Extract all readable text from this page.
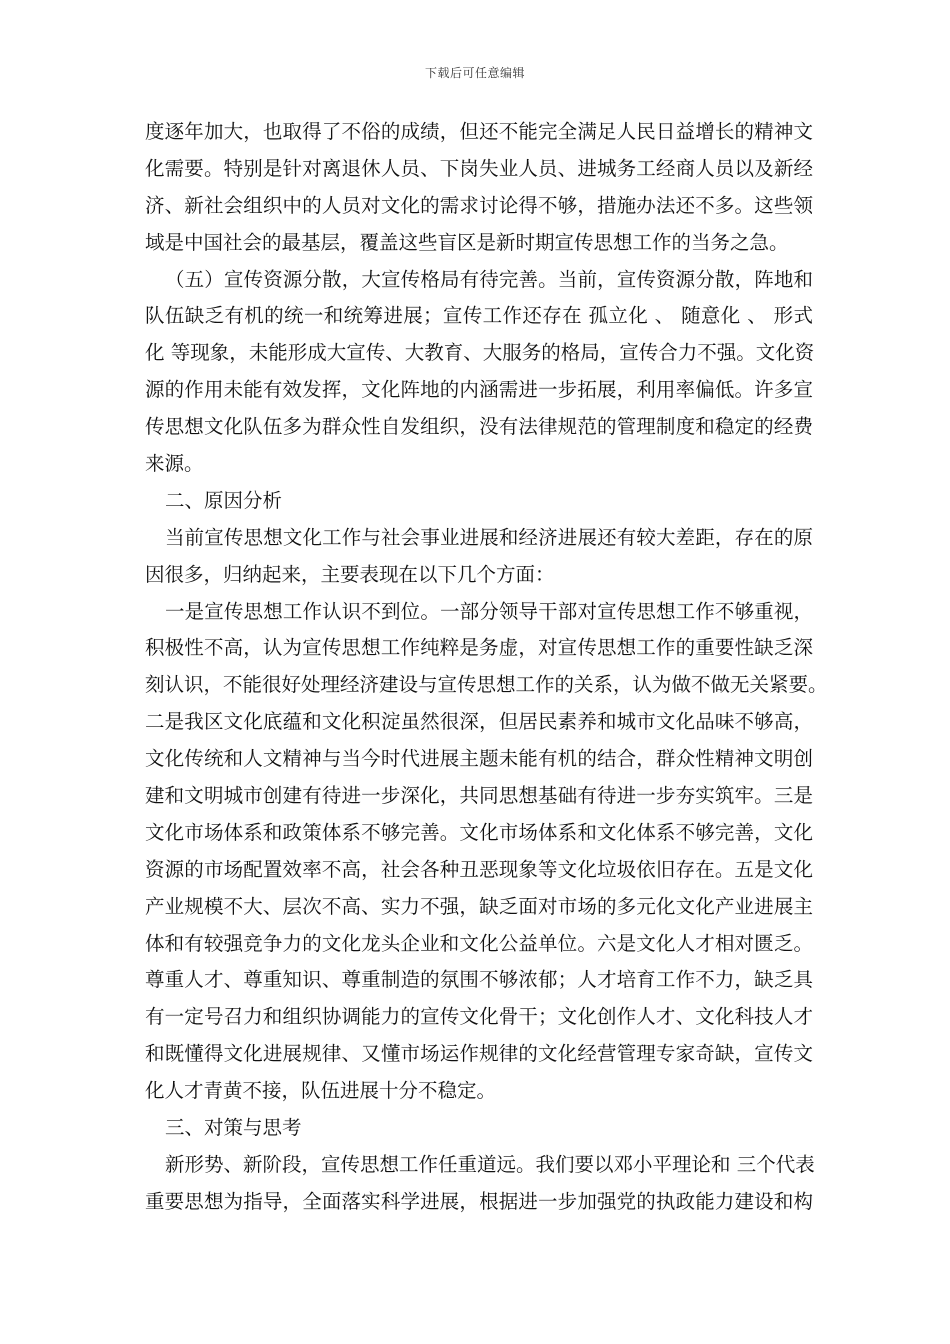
下载后可任意编辑
度逐年加大，也取得了不俗的成绩，但还不能完全满足人民日益增长的精神文
化需要。特别是针对离退休人员、下岗失业人员、进城务工经商人员以及新经
济、新社会组织中的人员对文化的需求讨论得不够，措施办法还不多。这些领
域是中国社会的最基层，覆盖这些盲区是新时期宣传思想工作的当务之急。
（五）宣传资源分散，大宣传格局有待完善。当前，宣传资源分散，阵地和
队伍缺乏有机的统一和统筹进展；宣传工作还存在 孤立化 、 随意化 、 形式
化 等现象，未能形成大宣传、大教育、大服务的格局，宣传合力不强。文化资
源的作用未能有效发挥，文化阵地的内涵需进一步拓展，利用率偏低。许多宣
传思想文化队伍多为群众性自发组织，没有法律规范的管理制度和稳定的经费
来源。
二、原因分析
当前宣传思想文化工作与社会事业进展和经济进展还有较大差距，存在的原
因很多，归纳起来，主要表现在以下几个方面：
一是宣传思想工作认识不到位。一部分领导干部对宣传思想工作不够重视，
积极性不高，认为宣传思想工作纯粹是务虚，对宣传思想工作的重要性缺乏深
刻认识，不能很好处理经济建设与宣传思想工作的关系，认为做不做无关紧要。
二是我区文化底蕴和文化积淀虽然很深，但居民素养和城市文化品味不够高，
文化传统和人文精神与当今时代进展主题未能有机的结合，群众性精神文明创
建和文明城市创建有待进一步深化，共同思想基础有待进一步夯实筑牢。三是
文化市场体系和政策体系不够完善。文化市场体系和文化体系不够完善，文化
资源的市场配置效率不高，社会各种丑恶现象等文化垃圾依旧存在。五是文化
产业规模不大、层次不高、实力不强，缺乏面对市场的多元化文化产业进展主
体和有较强竞争力的文化龙头企业和文化公益单位。六是文化人才相对匮乏。
尊重人才、尊重知识、尊重制造的氛围不够浓郁；人才培育工作不力，缺乏具
有一定号召力和组织协调能力的宣传文化骨干；文化创作人才、文化科技人才
和既懂得文化进展规律、又懂市场运作规律的文化经营管理专家奇缺，宣传文
化人才青黄不接，队伍进展十分不稳定。
三、对策与思考
新形势、新阶段，宣传思想工作任重道远。我们要以邓小平理论和 三个代表
重要思想为指导，全面落实科学进展，根据进一步加强党的执政能力建设和构
